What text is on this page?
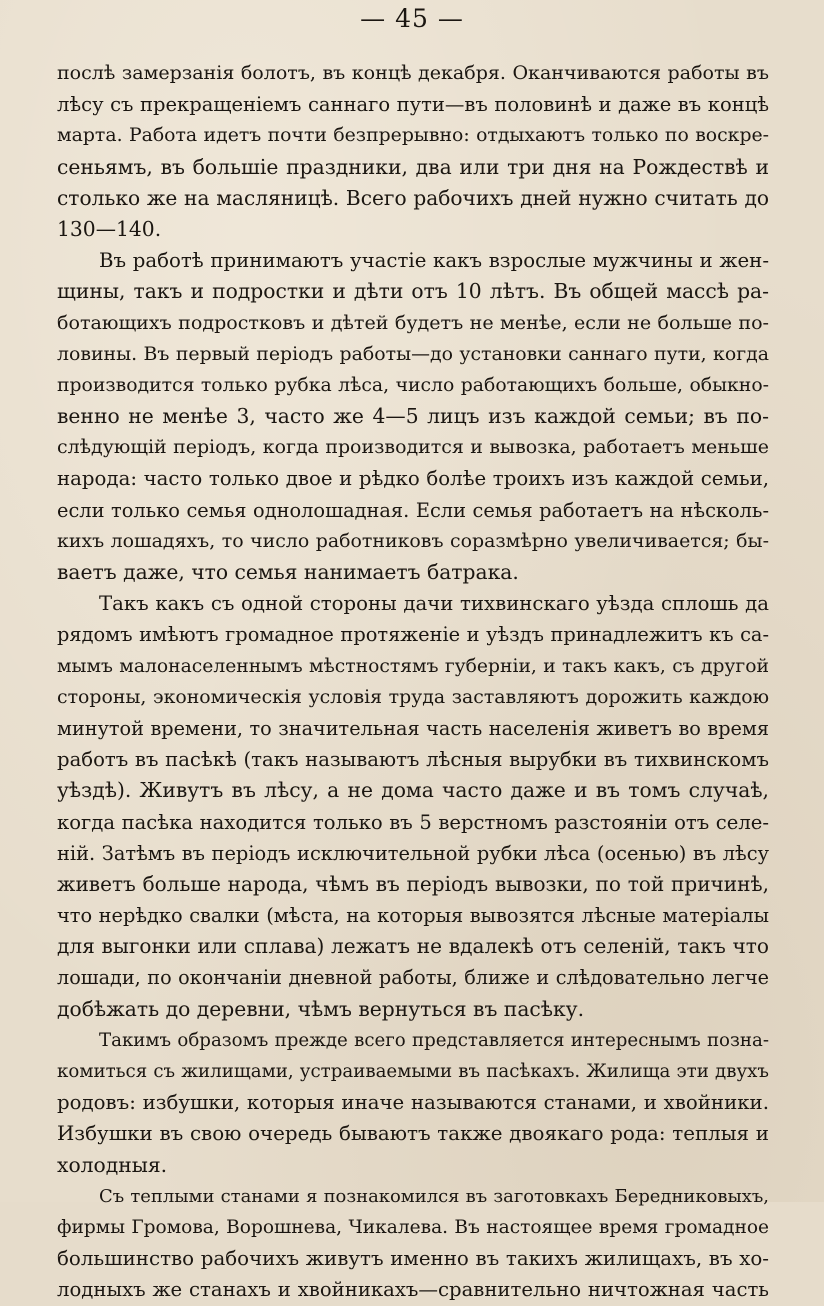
— 45 —
послѣ замерзанія болотъ, въ концѣ декабря. Оканчиваются работы въ
лѣсу съ прекращеніемъ саннаго пути—въ половинѣ и даже въ концѣ
марта. Работа идетъ почти безпрерывно: отдыхаютъ только по воскре-
сеньямъ, въ большіе праздники, два или три дня на Рождествѣ и
столько же на масляницѣ. Всего рабочихъ дней нужно считать до
130—140.
Въ работѣ принимаютъ участіе какъ взрослые мужчины и жен-
щины, такъ и подростки и дѣти отъ 10 лѣтъ. Въ общей массѣ ра-
ботающихъ подростковъ и дѣтей будетъ не менѣе, если не больше по-
ловины. Въ первый періодъ работы—до установки саннаго пути, когда
производится только рубка лѣса, число работающихъ больше, обыкно-
венно не менѣе 3, часто же 4—5 лицъ изъ каждой семьи; въ по-
слѣдующій періодъ, когда производится и вывозка, работаетъ меньше
народа: часто только двое и рѣдко болѣе троихъ изъ каждой семьи,
если только семья однолошадная. Если семья работаетъ на нѣсколь-
кихъ лошадяхъ, то число работниковъ соразмѣрно увеличивается; бы-
ваетъ даже, что семья нанимаетъ батрака.
Такъ какъ съ одной стороны дачи тихвинскаго уѣзда сплошь да
рядомъ имѣютъ громадное протяженіе и уѣздъ принадлежитъ къ са-
мымъ малонаселеннымъ мѣстностямъ губерніи, и такъ какъ, съ другой
стороны, экономическія условія труда заставляютъ дорожить каждою
минутой времени, то значительная часть населенія живетъ во время
работъ въ пасѣкѣ (такъ называютъ лѣсныя вырубки въ тихвинскомъ
уѣздѣ). Живутъ въ лѣсу, а не дома часто даже и въ томъ случаѣ,
когда пасѣка находится только въ 5 верстномъ разстояніи отъ селе-
ній. Затѣмъ въ періодъ исключительной рубки лѣса (осенью) въ лѣсу
живетъ больше народа, чѣмъ въ періодъ вывозки, по той причинѣ,
что нерѣдко свалки (мѣста, на которыя вывозятся лѣсные матеріалы
для выгонки или сплава) лежатъ не вдалекѣ отъ селеній, такъ что
лошади, по окончаніи дневной работы, ближе и слѣдовательно легче
добѣжать до деревни, чѣмъ вернуться въ пасѣку.
Такимъ образомъ прежде всего представляется интереснымъ позна-
комиться съ жилищами, устраиваемыми въ пасѣкахъ. Жилища эти двухъ
родовъ: избушки, которыя иначе называются станами, и хвойники.
Избушки въ свою очередь бываютъ также двоякаго рода: теплыя и
холодныя.
Съ теплыми станами я познакомился въ заготовкахъ Бередниковыхъ,
фирмы Громова, Ворошнева, Чикалева. Въ настоящее время громадное
большинство рабочихъ живутъ именно въ такихъ жилищахъ, въ хо-
лодныхъ же станахъ и хвойникахъ—сравнительно ничтожная часть
